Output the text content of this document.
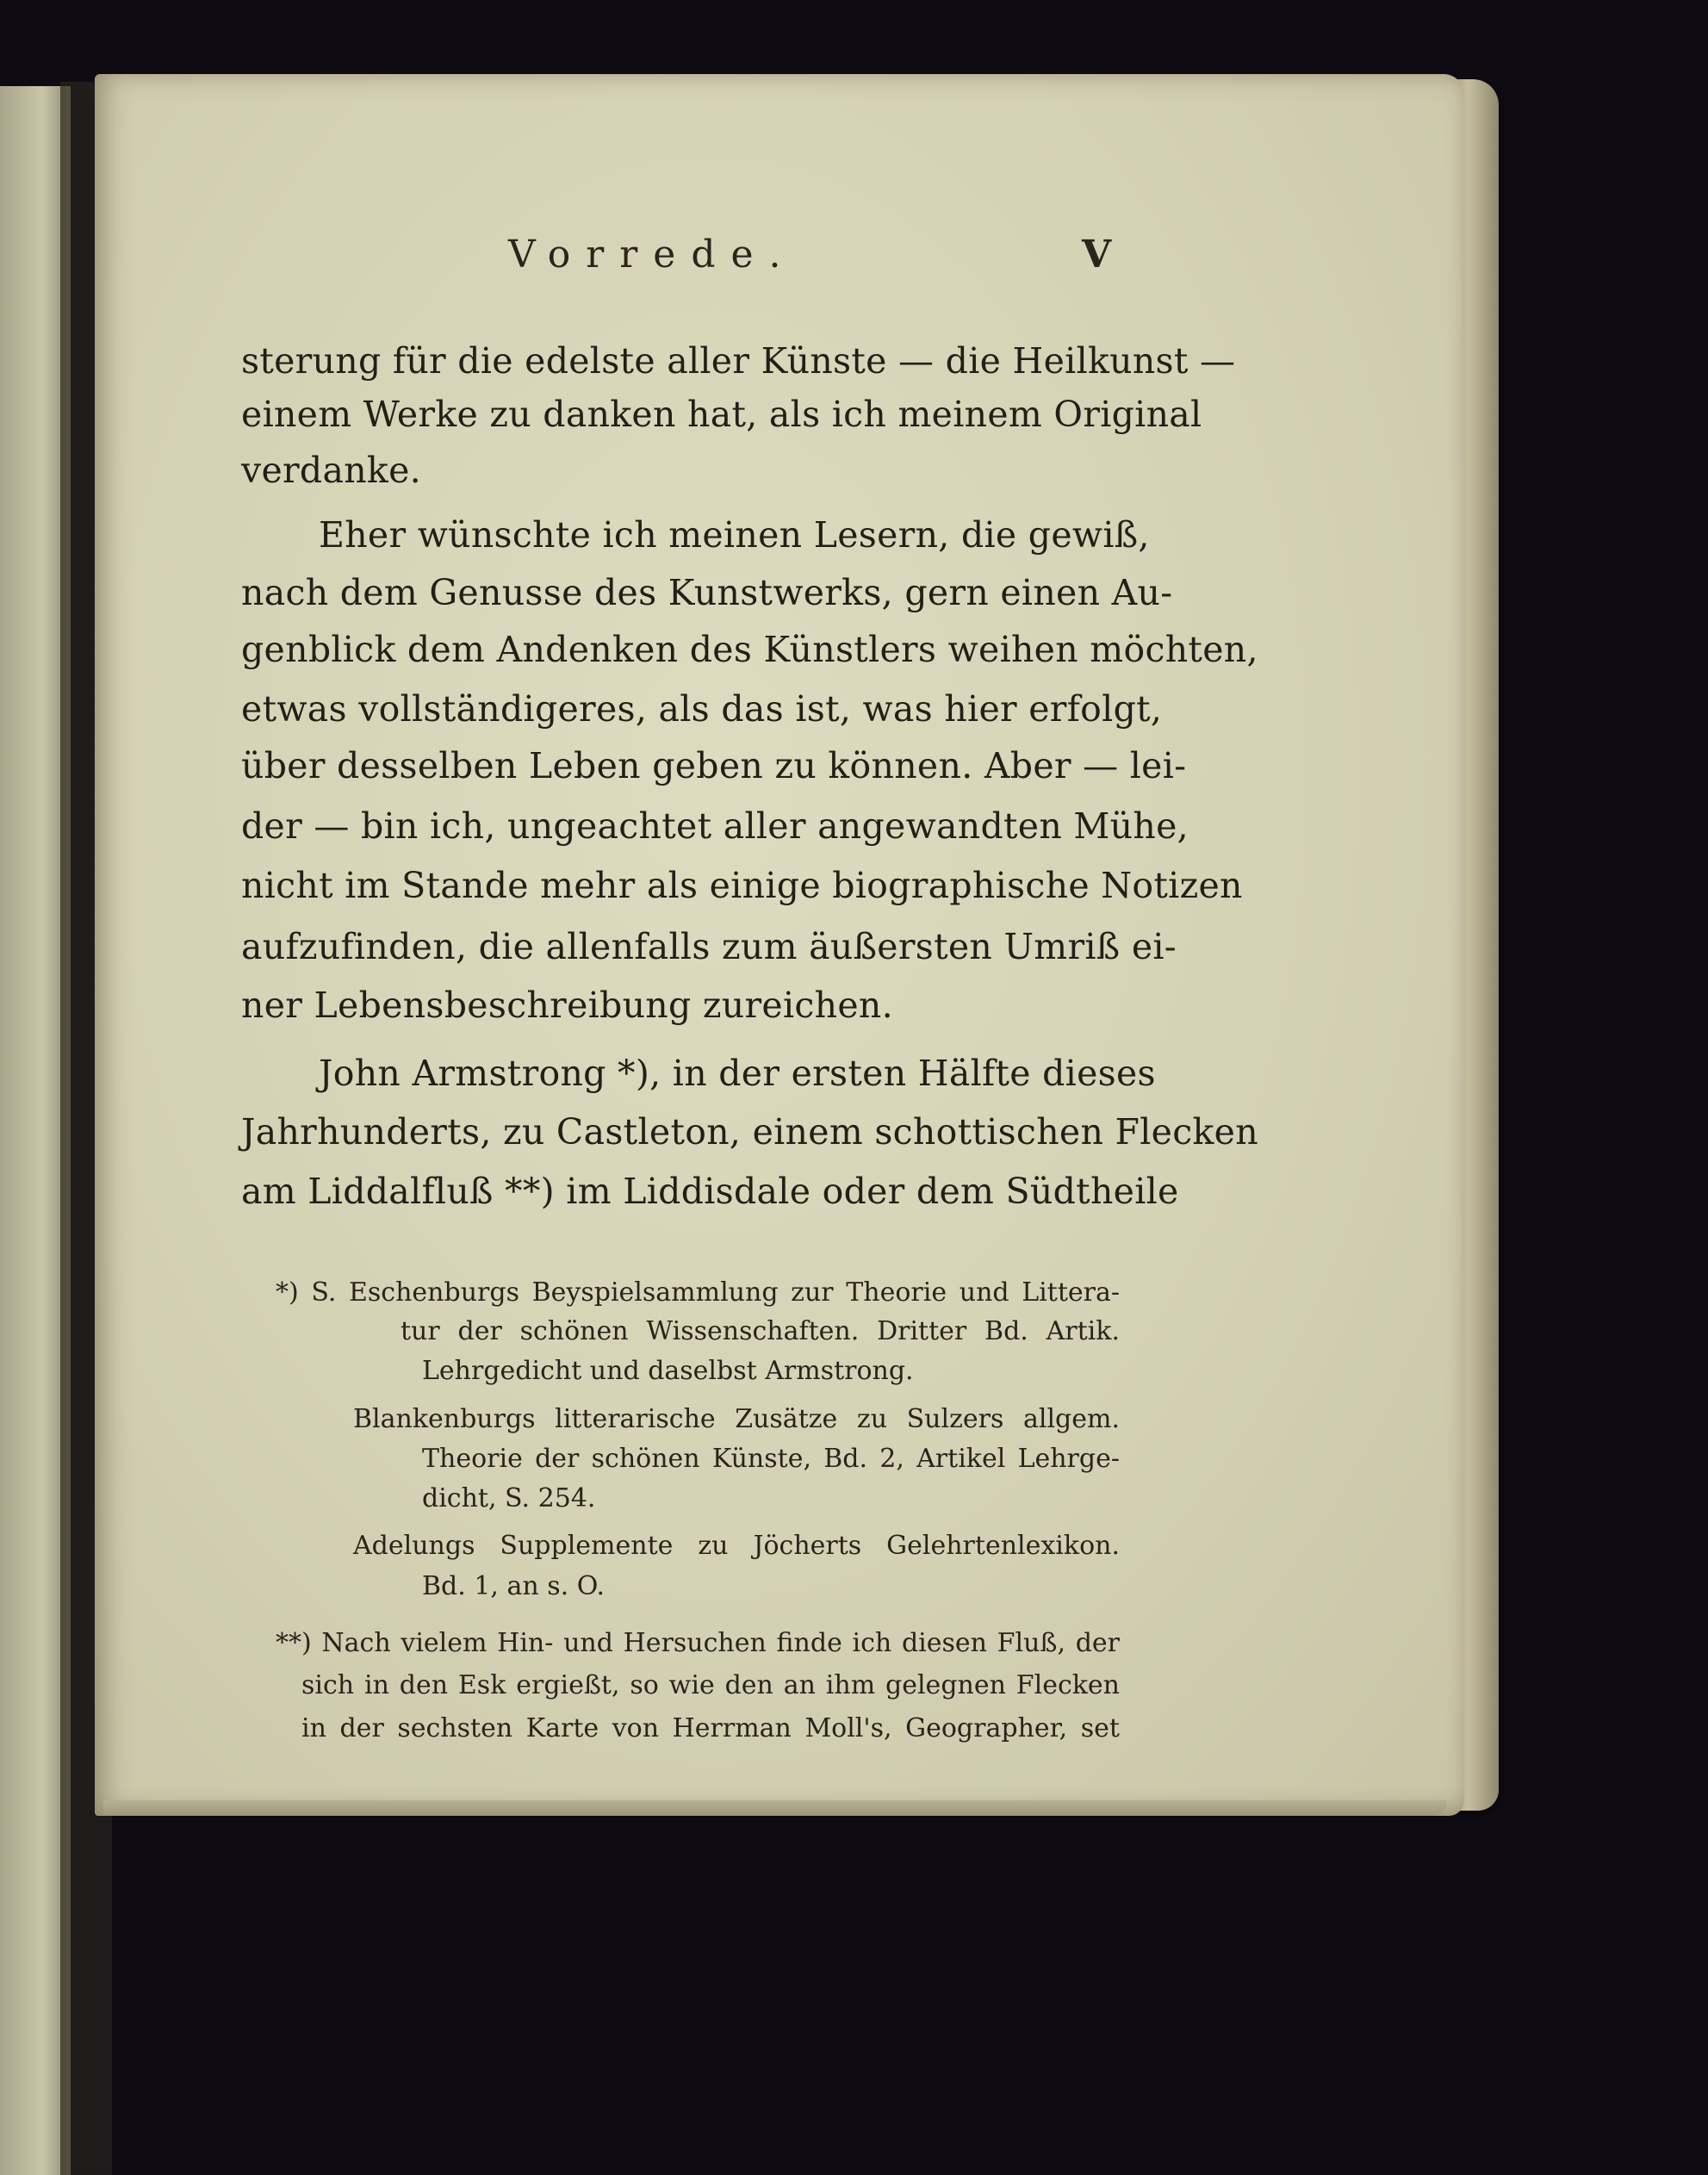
Vorrede.	V
sterung für die edelste aller Künste — die Heilkunst —
einem Werke zu danken hat, als ich meinem Original
verdanke.
Eher wünschte ich meinen Lesern, die gewiß,
nach dem Genusse des Kunstwerks, gern einen Au-
genblick dem Andenken des Künstlers weihen möchten,
etwas vollständigeres, als das ist, was hier erfolgt,
über desselben Leben geben zu können. Aber — lei-
der — bin ich, ungeachtet aller angewandten Mühe,
nicht im Stande mehr als einige biographische Notizen
aufzufinden, die allenfalls zum äußersten Umriß ei-
ner Lebensbeschreibung zureichen.
John Armstrong *), in der ersten Hälfte dieses
Jahrhunderts, zu Castleton, einem schottischen Flecken
am Liddalfluß **) im Liddisdale oder dem Südtheile
*) S. Eschenburgs Beyspielsammlung zur Theorie und Littera-
tur der schönen Wissenschaften. Dritter Bd. Artik.
Lehrgedicht und daselbst Armstrong.
Blankenburgs litterarische Zusätze zu Sulzers allgem.
Theorie der schönen Künste, Bd. 2, Artikel Lehrge-
dicht, S. 254.
Adelungs Supplemente zu Jöcherts Gelehrtenlexikon.
Bd. 1, an s. O.
**) Nach vielem Hin- und Hersuchen finde ich diesen Fluß, der
sich in den Esk ergießt, so wie den an ihm gelegnen Flecken
in der sechsten Karte von Herrman Moll's, Geographer, set
